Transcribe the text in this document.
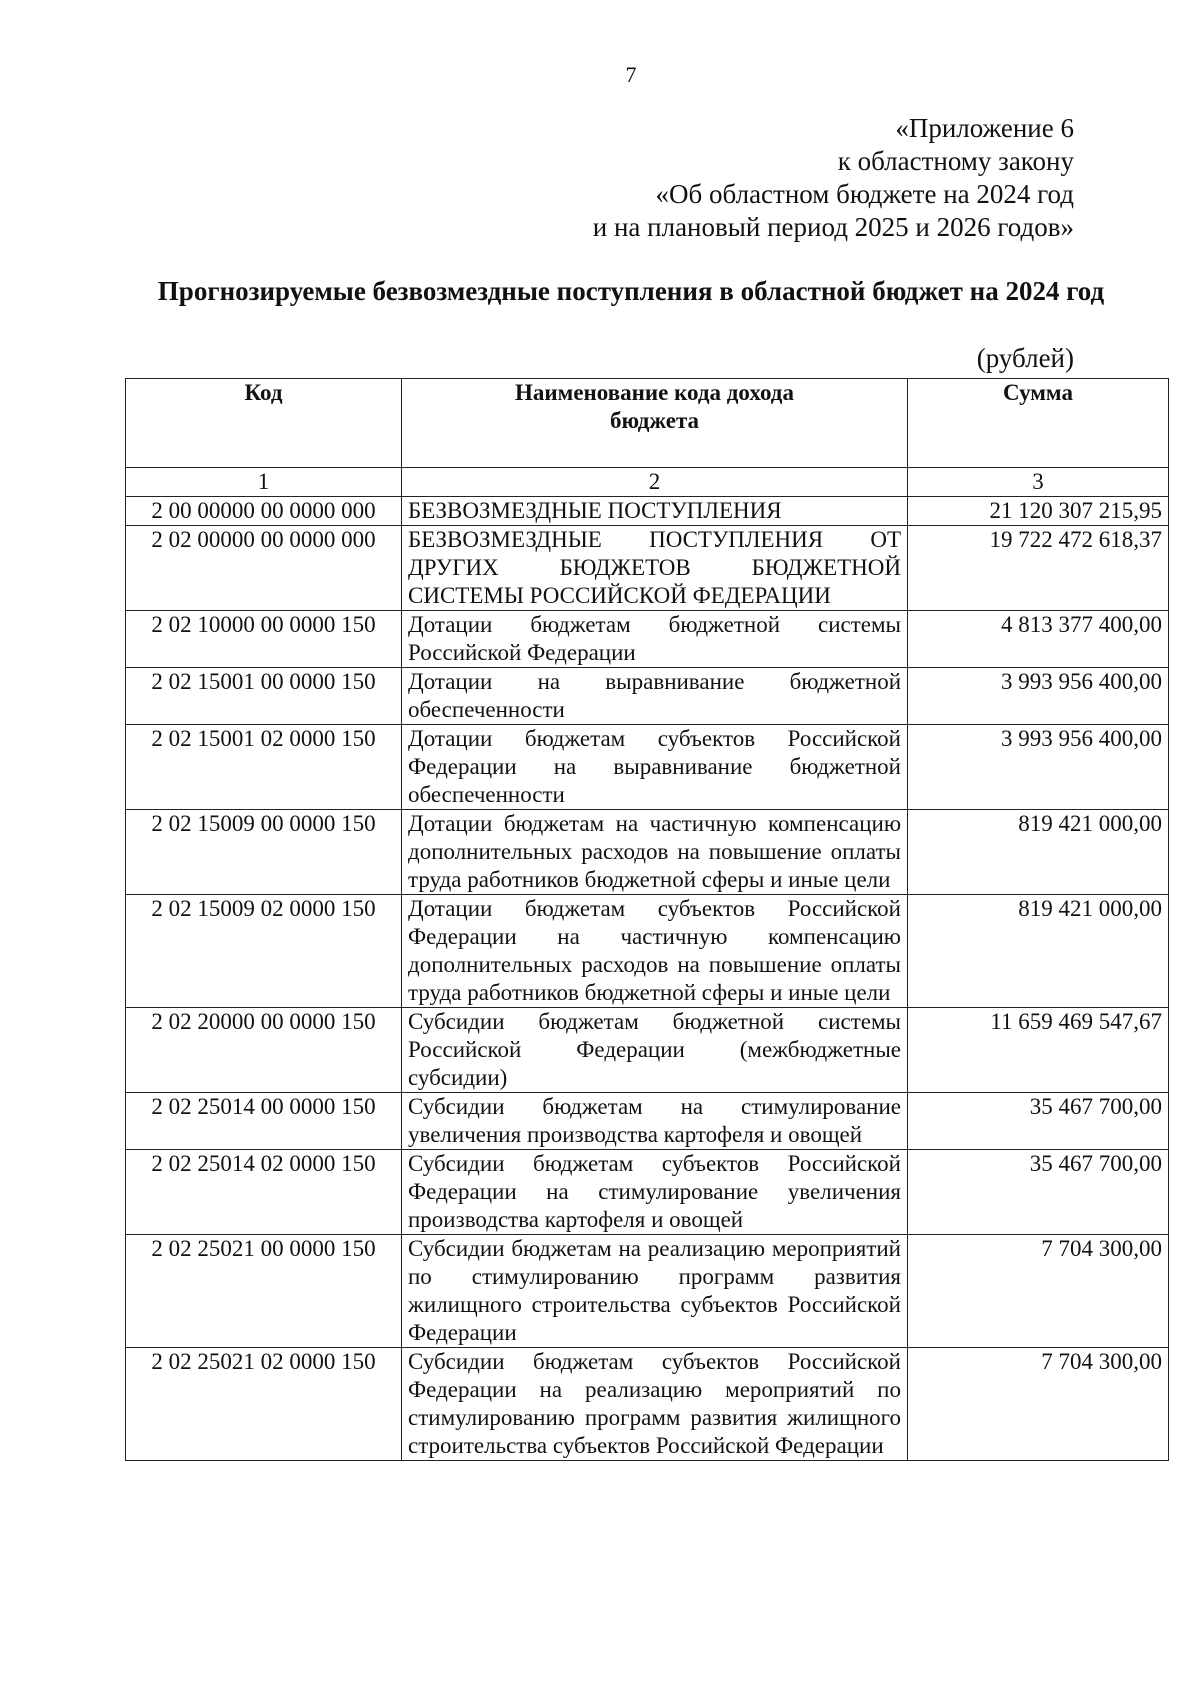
7
«Приложение 6
к областному закону
«Об областном бюджете на 2024 год
и на плановый период 2025 и 2026 годов»
Прогнозируемые безвозмездные поступления в областной бюджет на 2024 год
(рублей)
Код	Наименование кода дохода бюджета	Сумма
1	2	3
2 00 00000 00 0000 000	БЕЗВОЗМЕЗДНЫЕ ПОСТУПЛЕНИЯ	21 120 307 215,95
2 02 00000 00 0000 000	БЕЗВОЗМЕЗДНЫЕ ПОСТУПЛЕНИЯ ОТ ДРУГИХ БЮДЖЕТОВ БЮДЖЕТНОЙ СИСТЕМЫ РОССИЙСКОЙ ФЕДЕРАЦИИ	19 722 472 618,37
2 02 10000 00 0000 150	Дотации бюджетам бюджетной системы Российской Федерации	4 813 377 400,00
2 02 15001 00 0000 150	Дотации на выравнивание бюджетной обеспеченности	3 993 956 400,00
2 02 15001 02 0000 150	Дотации бюджетам субъектов Российской Федерации на выравнивание бюджетной обеспеченности	3 993 956 400,00
2 02 15009 00 0000 150	Дотации бюджетам на частичную компенсацию дополнительных расходов на повышение оплаты труда работников бюджетной сферы и иные цели	819 421 000,00
2 02 15009 02 0000 150	Дотации бюджетам субъектов Российской Федерации на частичную компенсацию дополнительных расходов на повышение оплаты труда работников бюджетной сферы и иные цели	819 421 000,00
2 02 20000 00 0000 150	Субсидии бюджетам бюджетной системы Российской Федерации (межбюджетные субсидии)	11 659 469 547,67
2 02 25014 00 0000 150	Субсидии бюджетам на стимулирование увеличения производства картофеля и овощей	35 467 700,00
2 02 25014 02 0000 150	Субсидии бюджетам субъектов Российской Федерации на стимулирование увеличения производства картофеля и овощей	35 467 700,00
2 02 25021 00 0000 150	Субсидии бюджетам на реализацию мероприятий по стимулированию программ развития жилищного строительства субъектов Российской Федерации	7 704 300,00
2 02 25021 02 0000 150	Субсидии бюджетам субъектов Российской Федерации на реализацию мероприятий по стимулированию программ развития жилищного строительства субъектов Российской Федерации	7 704 300,00
